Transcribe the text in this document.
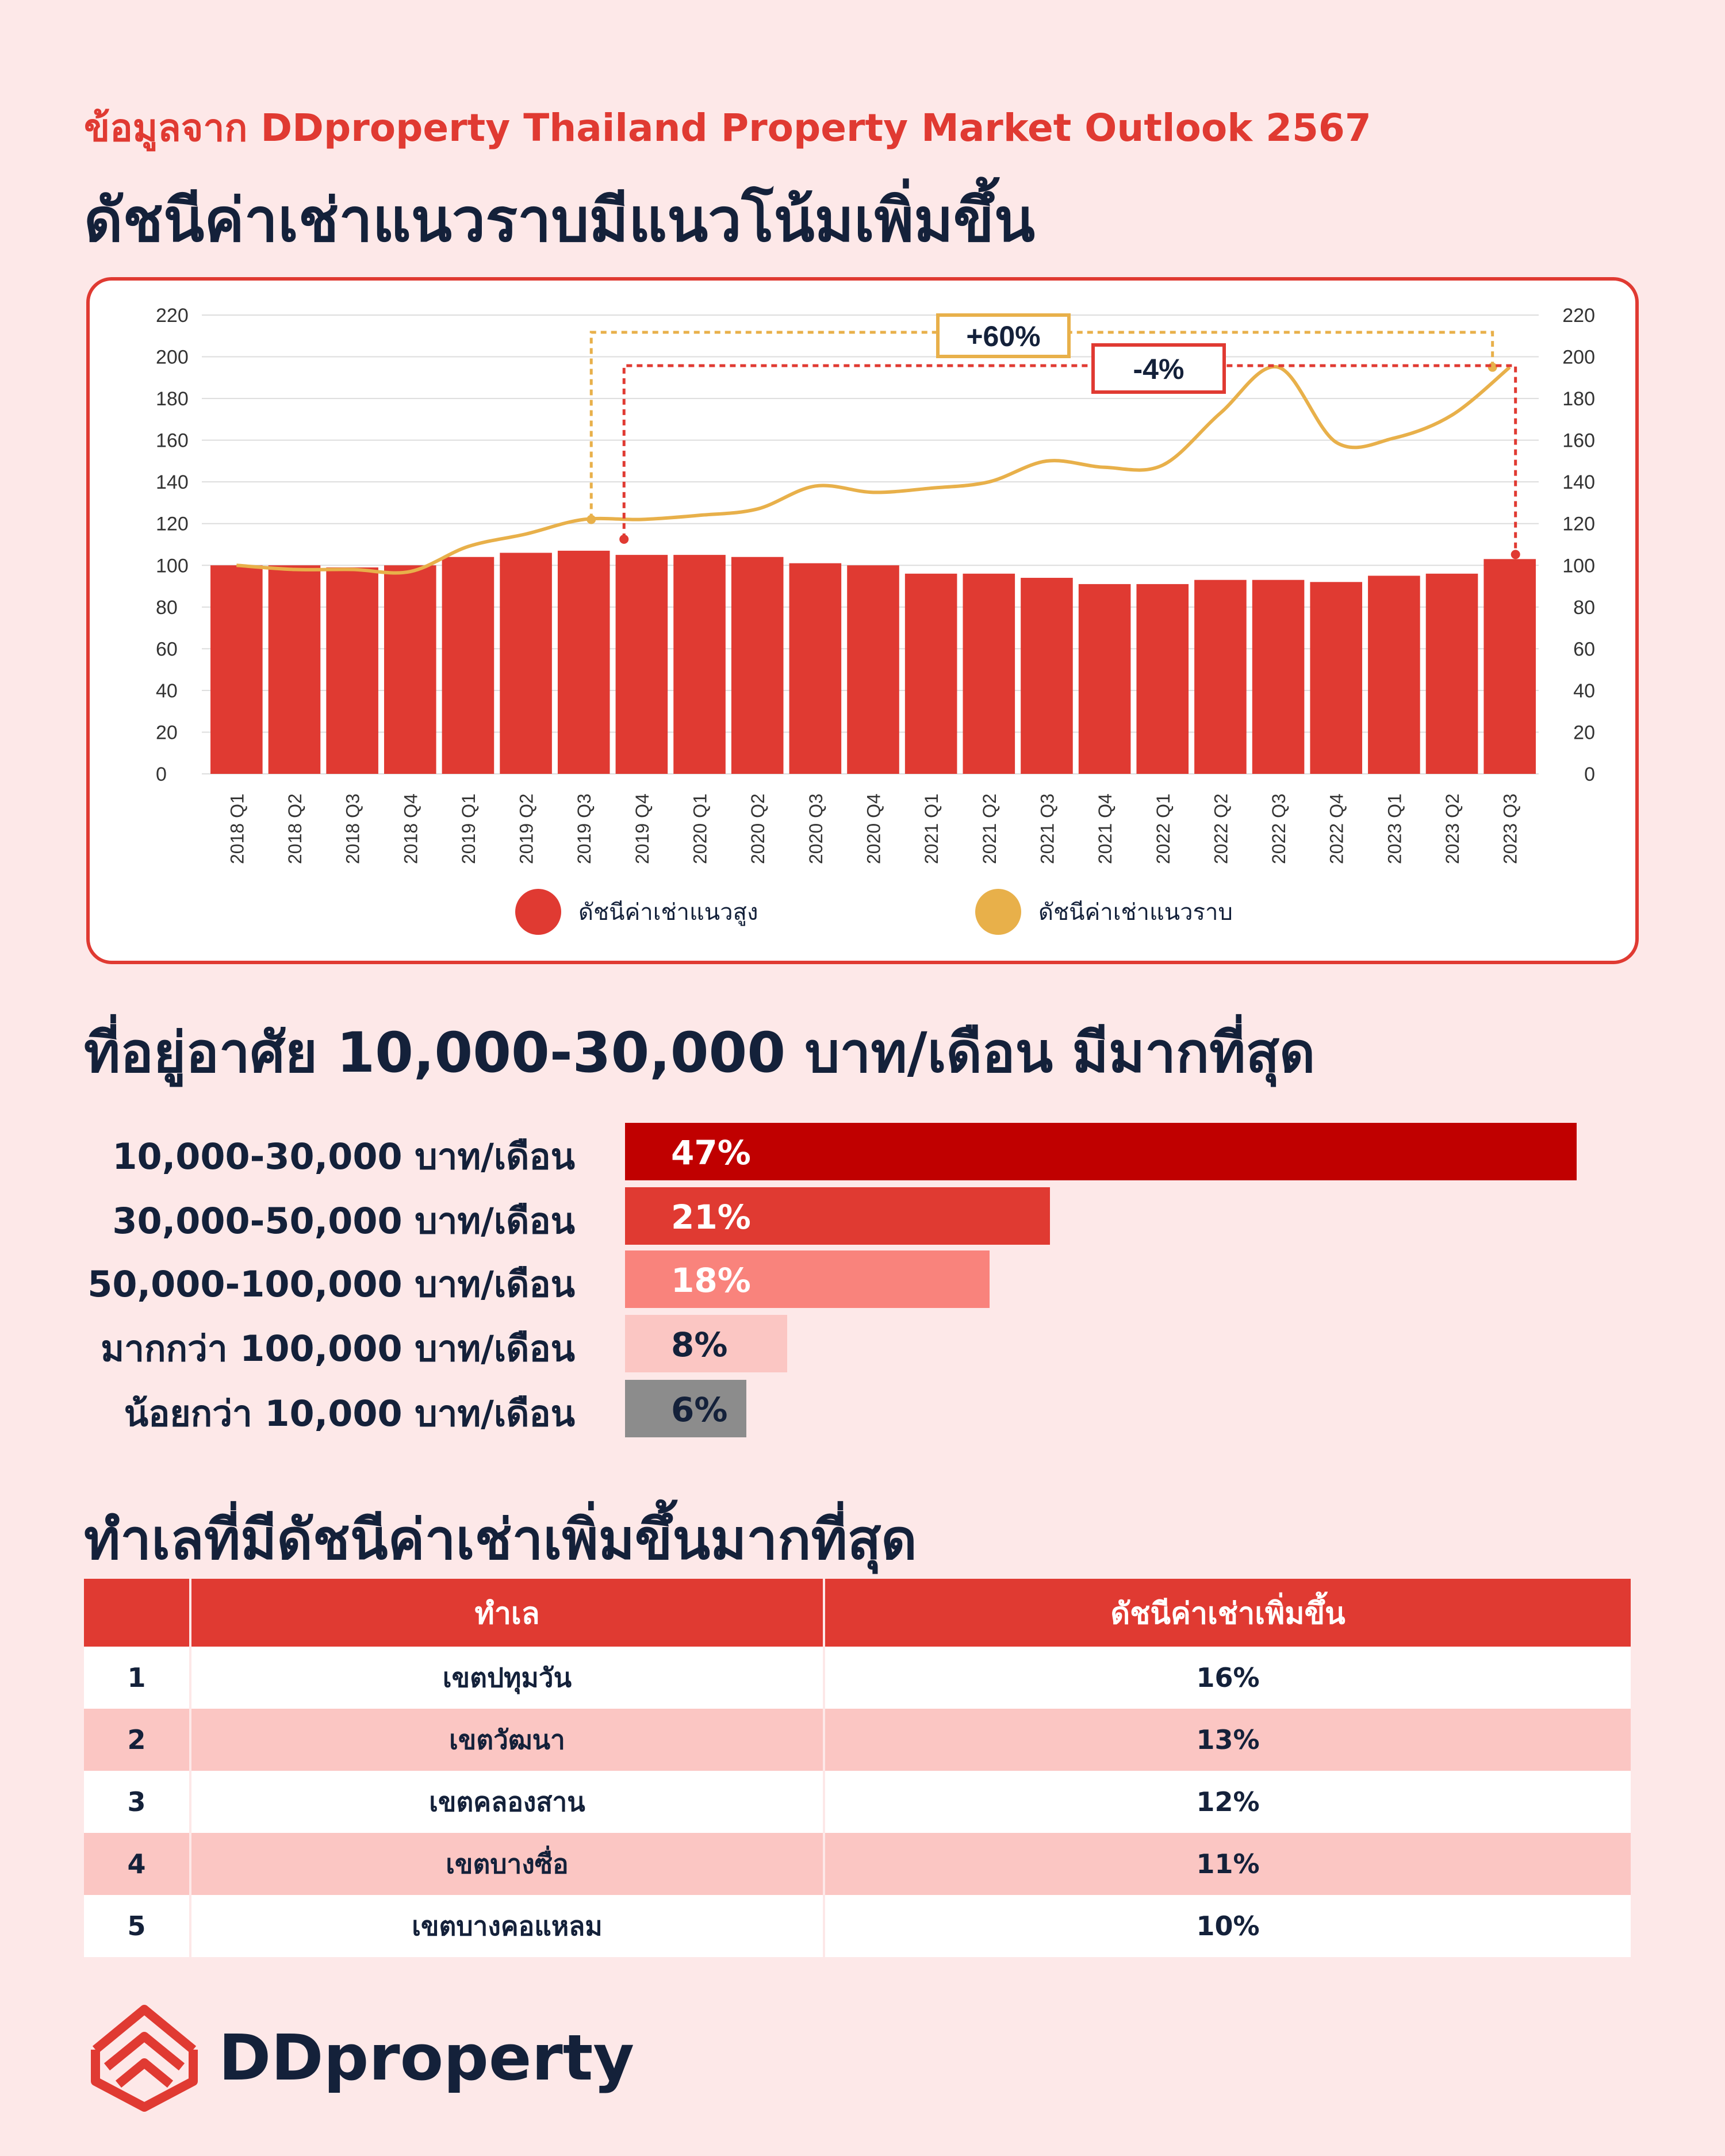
ข้อมูลจาก DDproperty Thailand Property Market Outlook 2567
ดัชนีค่าเช่าแนวราบมีแนวโน้มเพิ่มขึ้น
0	0
20	20
40	40
60	60
80	80
100	100
120	120
140	140
160	160
180	180
200	200
220	220
2018 Q1 2018 Q2 2018 Q3 2018 Q4 2019 Q1 2019 Q2 2019 Q3 2019 Q4 2020 Q1 2020 Q2 2020 Q3 2020 Q4 2021 Q1 2021 Q2 2021 Q3 2021 Q4 2022 Q1 2022 Q2 2022 Q3 2022 Q4 2023 Q1 2023 Q2 2023 Q3
+60%
-4%
ดัชนีค่าเช่าแนวสูง	ดัชนีค่าเช่าแนวราบ
ที่อยู่อาศัย 10,000-30,000 บาท/เดือน มีมากที่สุด
10,000-30,000 บาท/เดือน	47%
30,000-50,000 บาท/เดือน	21%
50,000-100,000 บาท/เดือน	18%
มากกว่า 100,000 บาท/เดือน	8%
น้อยกว่า 10,000 บาท/เดือน	6%
ทำเลที่มีดัชนีค่าเช่าเพิ่มขึ้นมากที่สุด
	ทำเล	ดัชนีค่าเช่าเพิ่มขึ้น
1	เขตปทุมวัน	16%
2	เขตวัฒนา	13%
3	เขตคลองสาน	12%
4	เขตบางซื่อ	11%
5	เขตบางคอแหลม	10%
DDproperty
